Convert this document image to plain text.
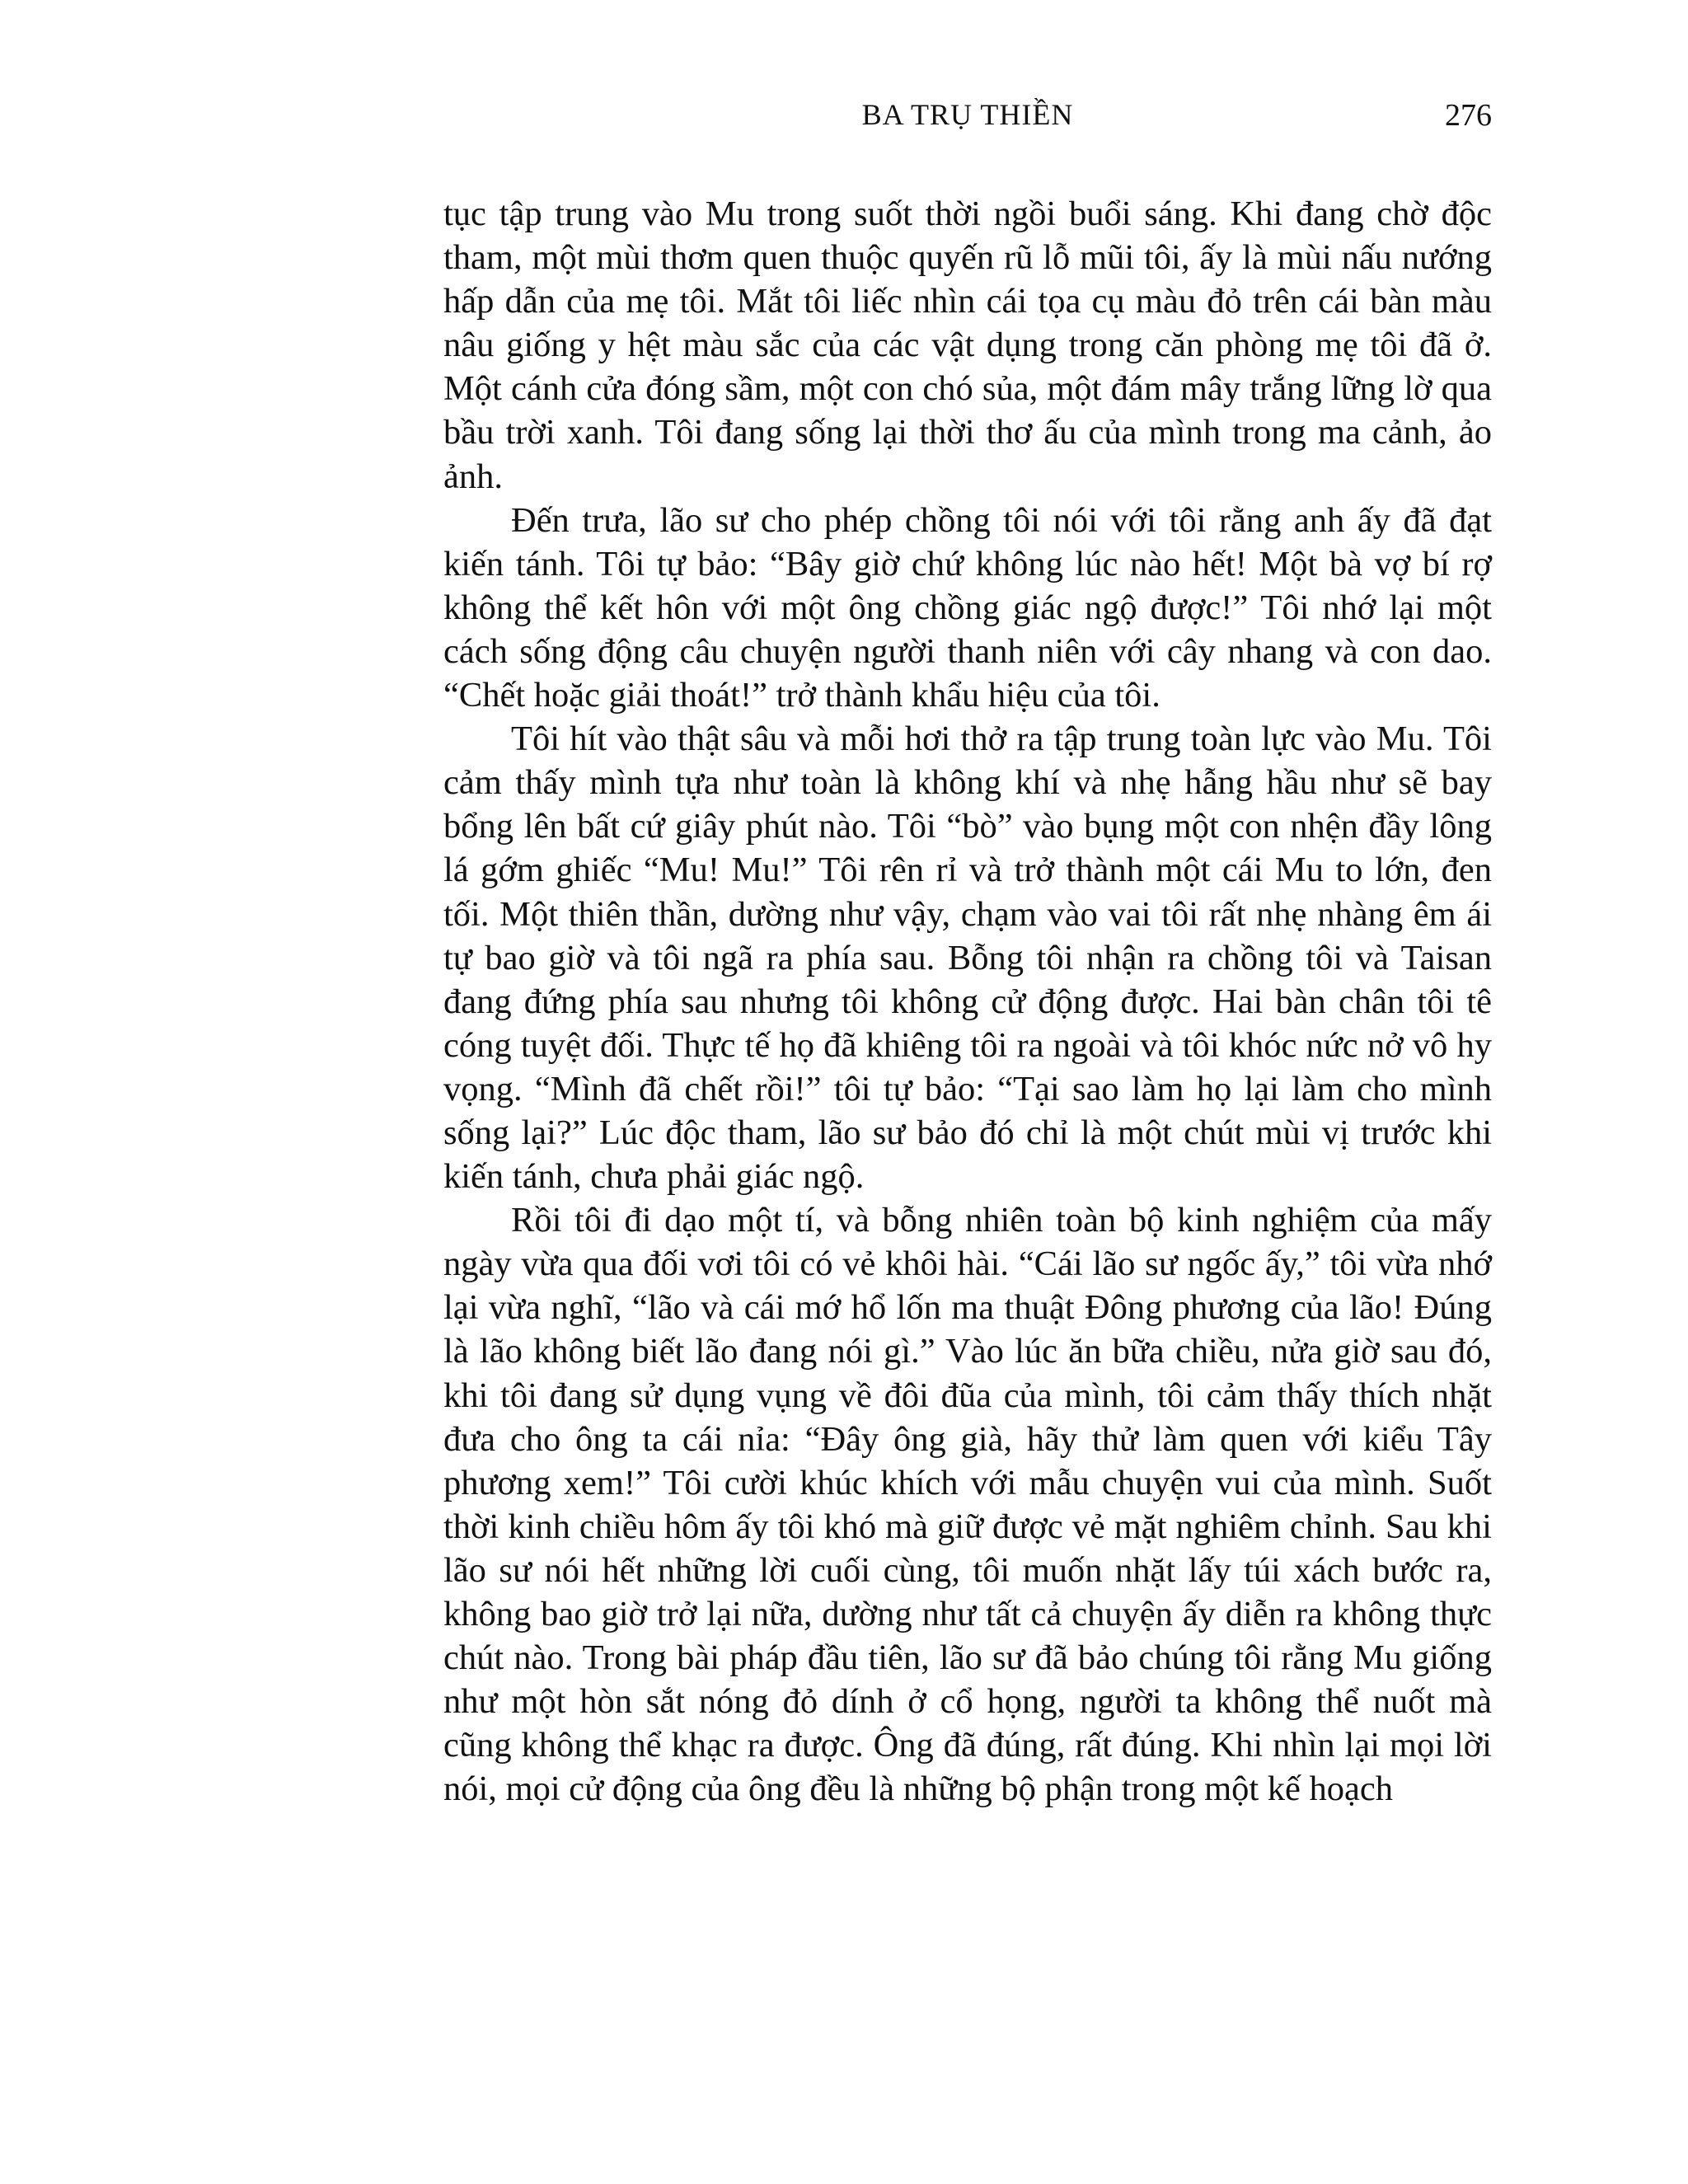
BA TRỤ THIỀN	276

tục tập trung vào Mu trong suốt thời ngồi buổi sáng. Khi đang chờ độc tham, một mùi thơm quen thuộc quyến rũ lỗ mũi tôi, ấy là mùi nấu nướng hấp dẫn của mẹ tôi. Mắt tôi liếc nhìn cái tọa cụ màu đỏ trên cái bàn màu nâu giống y hệt màu sắc của các vật dụng trong căn phòng mẹ tôi đã ở. Một cánh cửa đóng sầm, một con chó sủa, một đám mây trắng lững lờ qua bầu trời xanh. Tôi đang sống lại thời thơ ấu của mình trong ma cảnh, ảo ảnh.

Đến trưa, lão sư cho phép chồng tôi nói với tôi rằng anh ấy đã đạt kiến tánh. Tôi tự bảo: “Bây giờ chứ không lúc nào hết! Một bà vợ bí rợ không thể kết hôn với một ông chồng giác ngộ được!” Tôi nhớ lại một cách sống động câu chuyện người thanh niên với cây nhang và con dao. “Chết hoặc giải thoát!” trở thành khẩu hiệu của tôi.

Tôi hít vào thật sâu và mỗi hơi thở ra tập trung toàn lực vào Mu. Tôi cảm thấy mình tựa như toàn là không khí và nhẹ hẫng hầu như sẽ bay bổng lên bất cứ giây phút nào. Tôi “bò” vào bụng một con nhện đầy lông lá gớm ghiếc “Mu! Mu!” Tôi rên rỉ và trở thành một cái Mu to lớn, đen tối. Một thiên thần, dường như vậy, chạm vào vai tôi rất nhẹ nhàng êm ái tự bao giờ và tôi ngã ra phía sau. Bỗng tôi nhận ra chồng tôi và Taisan đang đứng phía sau nhưng tôi không cử động được. Hai bàn chân tôi tê cóng tuyệt đối. Thực tế họ đã khiêng tôi ra ngoài và tôi khóc nức nở vô hy vọng. “Mình đã chết rồi!” tôi tự bảo: “Tại sao làm họ lại làm cho mình sống lại?” Lúc độc tham, lão sư bảo đó chỉ là một chút mùi vị trước khi kiến tánh, chưa phải giác ngộ.

Rồi tôi đi dạo một tí, và bỗng nhiên toàn bộ kinh nghiệm của mấy ngày vừa qua đối vơi tôi có vẻ khôi hài. “Cái lão sư ngốc ấy,” tôi vừa nhớ lại vừa nghĩ, “lão và cái mớ hổ lốn ma thuật Đông phương của lão! Đúng là lão không biết lão đang nói gì.” Vào lúc ăn bữa chiều, nửa giờ sau đó, khi tôi đang sử dụng vụng về đôi đũa của mình, tôi cảm thấy thích nhặt đưa cho ông ta cái nỉa: “Đây ông già, hãy thử làm quen với kiểu Tây phương xem!” Tôi cười khúc khích với mẫu chuyện vui của mình. Suốt thời kinh chiều hôm ấy tôi khó mà giữ được vẻ mặt nghiêm chỉnh. Sau khi lão sư nói hết những lời cuối cùng, tôi muốn nhặt lấy túi xách bước ra, không bao giờ trở lại nữa, dường như tất cả chuyện ấy diễn ra không thực chút nào. Trong bài pháp đầu tiên, lão sư đã bảo chúng tôi rằng Mu giống như một hòn sắt nóng đỏ dính ở cổ họng, người ta không thể nuốt mà cũng không thể khạc ra được. Ông đã đúng, rất đúng. Khi nhìn lại mọi lời nói, mọi cử động của ông đều là những bộ phận trong một kế hoạch
